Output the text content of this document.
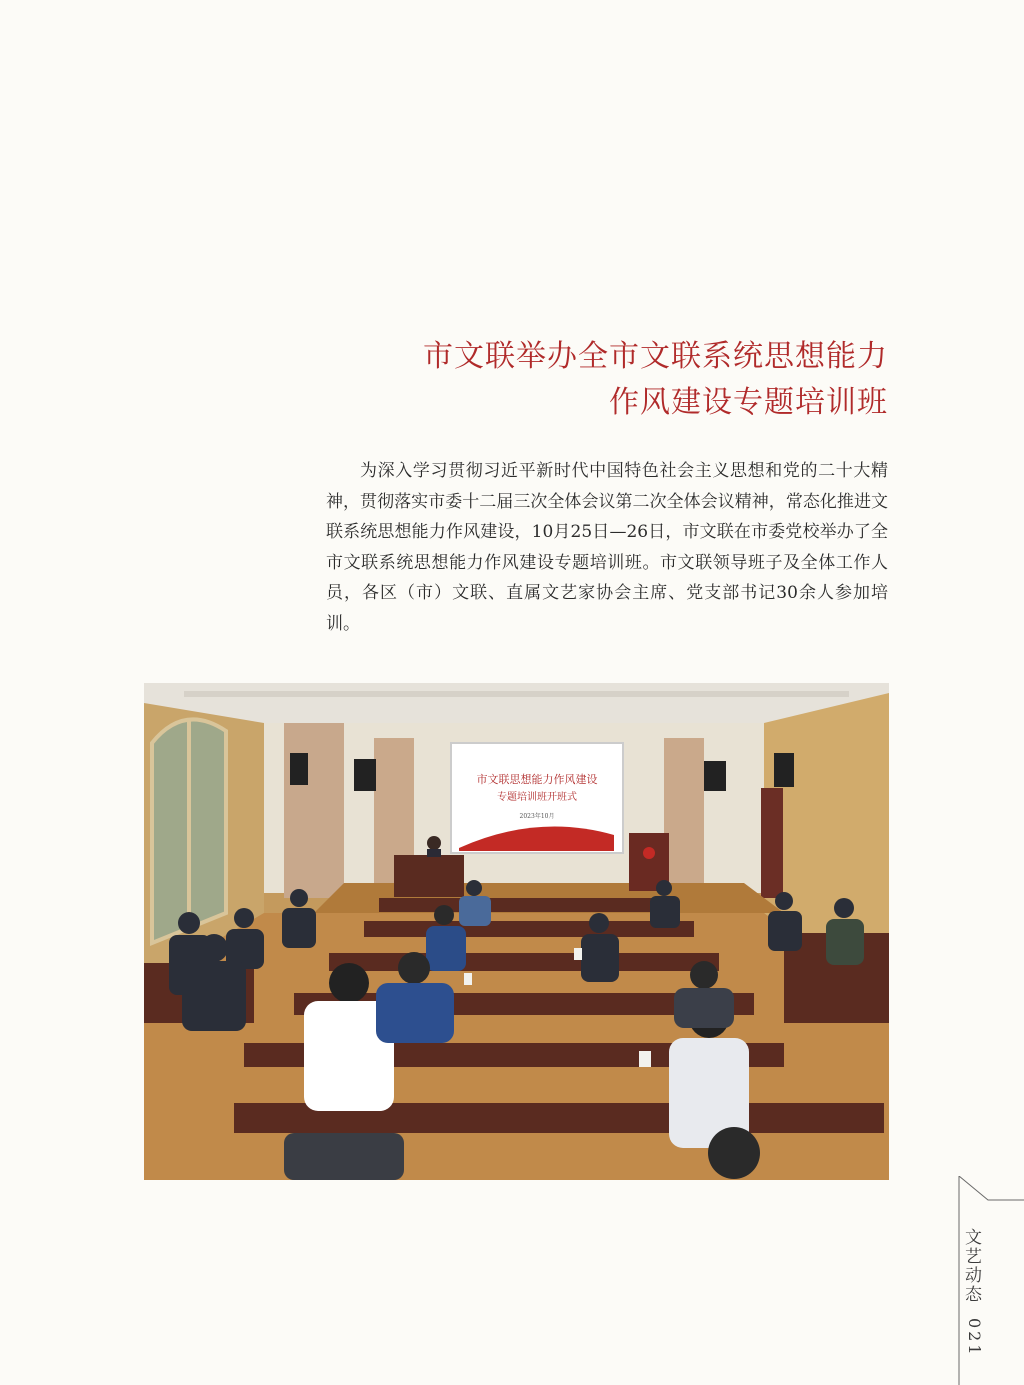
市文联举办全市文联系统思想能力
作风建设专题培训班

为深入学习贯彻习近平新时代中国特色社会主义思想和党的二十大精神，贯彻落实市委十二届三次全体会议第二次全体会议精神，常态化推进文联系统思想能力作风建设，10月25日—26日，市文联在市委党校举办了全市文联系统思想能力作风建设专题培训班。市文联领导班子及全体工作人员，各区（市）文联、直属文艺家协会主席、党支部书记30余人参加培训。

市文联思想能力作风建设
专题培训班开班式
2023年10月
文艺动态
021
